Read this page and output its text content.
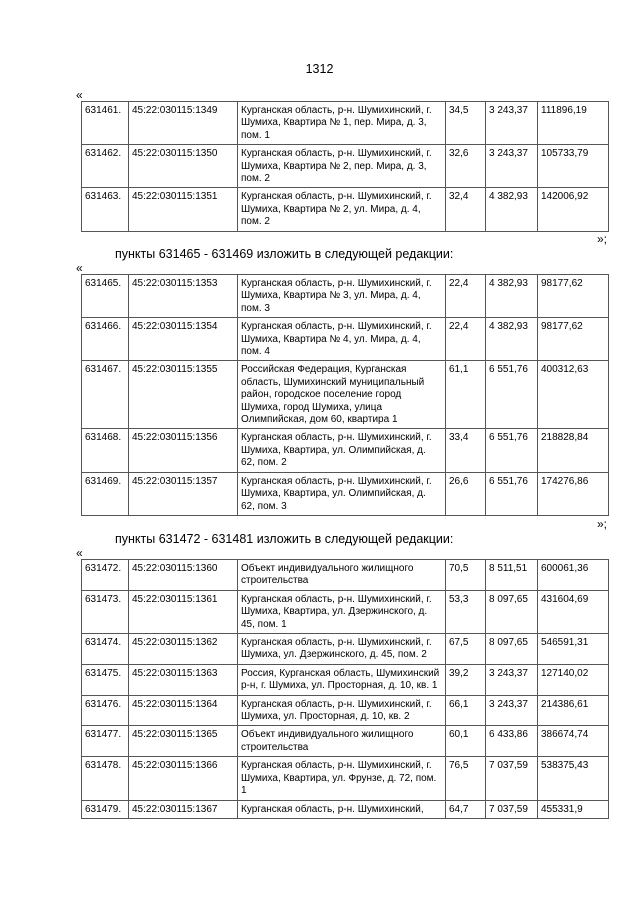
1312
«
631461.	45:22:030115:1349	Курганская область, р-н. Шумихинский, г. Шумиха, Квартира № 1, пер. Мира, д. 3, пом. 1	34,5	3 243,37	111896,19
631462.	45:22:030115:1350	Курганская область, р-н. Шумихинский, г. Шумиха, Квартира № 2, пер. Мира, д. 3, пом. 2	32,6	3 243,37	105733,79
631463.	45:22:030115:1351	Курганская область, р-н. Шумихинский, г. Шумиха, Квартира № 2, ул. Мира, д. 4, пом. 2	32,4	4 382,93	142006,92
»;
пункты 631465 - 631469 изложить в следующей редакции:
«
631465.	45:22:030115:1353	Курганская область, р-н. Шумихинский, г. Шумиха, Квартира № 3, ул. Мира, д. 4, пом. 3	22,4	4 382,93	98177,62
631466.	45:22:030115:1354	Курганская область, р-н. Шумихинский, г. Шумиха, Квартира № 4, ул. Мира, д. 4, пом. 4	22,4	4 382,93	98177,62
631467.	45:22:030115:1355	Российская Федерация, Курганская область, Шумихинский муниципальный район, городское поселение город Шумиха, город Шумиха, улица Олимпийская, дом 60, квартира 1	61,1	6 551,76	400312,63
631468.	45:22:030115:1356	Курганская область, р-н. Шумихинский, г. Шумиха, Квартира, ул. Олимпийская, д. 62, пом. 2	33,4	6 551,76	218828,84
631469.	45:22:030115:1357	Курганская область, р-н. Шумихинский, г. Шумиха, Квартира, ул. Олимпийская, д. 62, пом. 3	26,6	6 551,76	174276,86
»;
пункты 631472 - 631481 изложить в следующей редакции:
«
631472.	45:22:030115:1360	Объект индивидуального жилищного строительства	70,5	8 511,51	600061,36
631473.	45:22:030115:1361	Курганская область, р-н. Шумихинский, г. Шумиха, Квартира, ул. Дзержинского, д. 45, пом. 1	53,3	8 097,65	431604,69
631474.	45:22:030115:1362	Курганская область, р-н. Шумихинский, г. Шумиха, ул. Дзержинского, д. 45, пом. 2	67,5	8 097,65	546591,31
631475.	45:22:030115:1363	Россия, Курганская область, Шумихинский р-н, г. Шумиха, ул. Просторная, д. 10, кв. 1	39,2	3 243,37	127140,02
631476.	45:22:030115:1364	Курганская область, р-н. Шумихинский, г. Шумиха, ул. Просторная, д. 10, кв. 2	66,1	3 243,37	214386,61
631477.	45:22:030115:1365	Объект индивидуального жилищного строительства	60,1	6 433,86	386674,74
631478.	45:22:030115:1366	Курганская область, р-н. Шумихинский, г. Шумиха, Квартира, ул. Фрунзе, д. 72, пом. 1	76,5	7 037,59	538375,43
631479.	45:22:030115:1367	Курганская область, р-н. Шумихинский,	64,7	7 037,59	455331,9
